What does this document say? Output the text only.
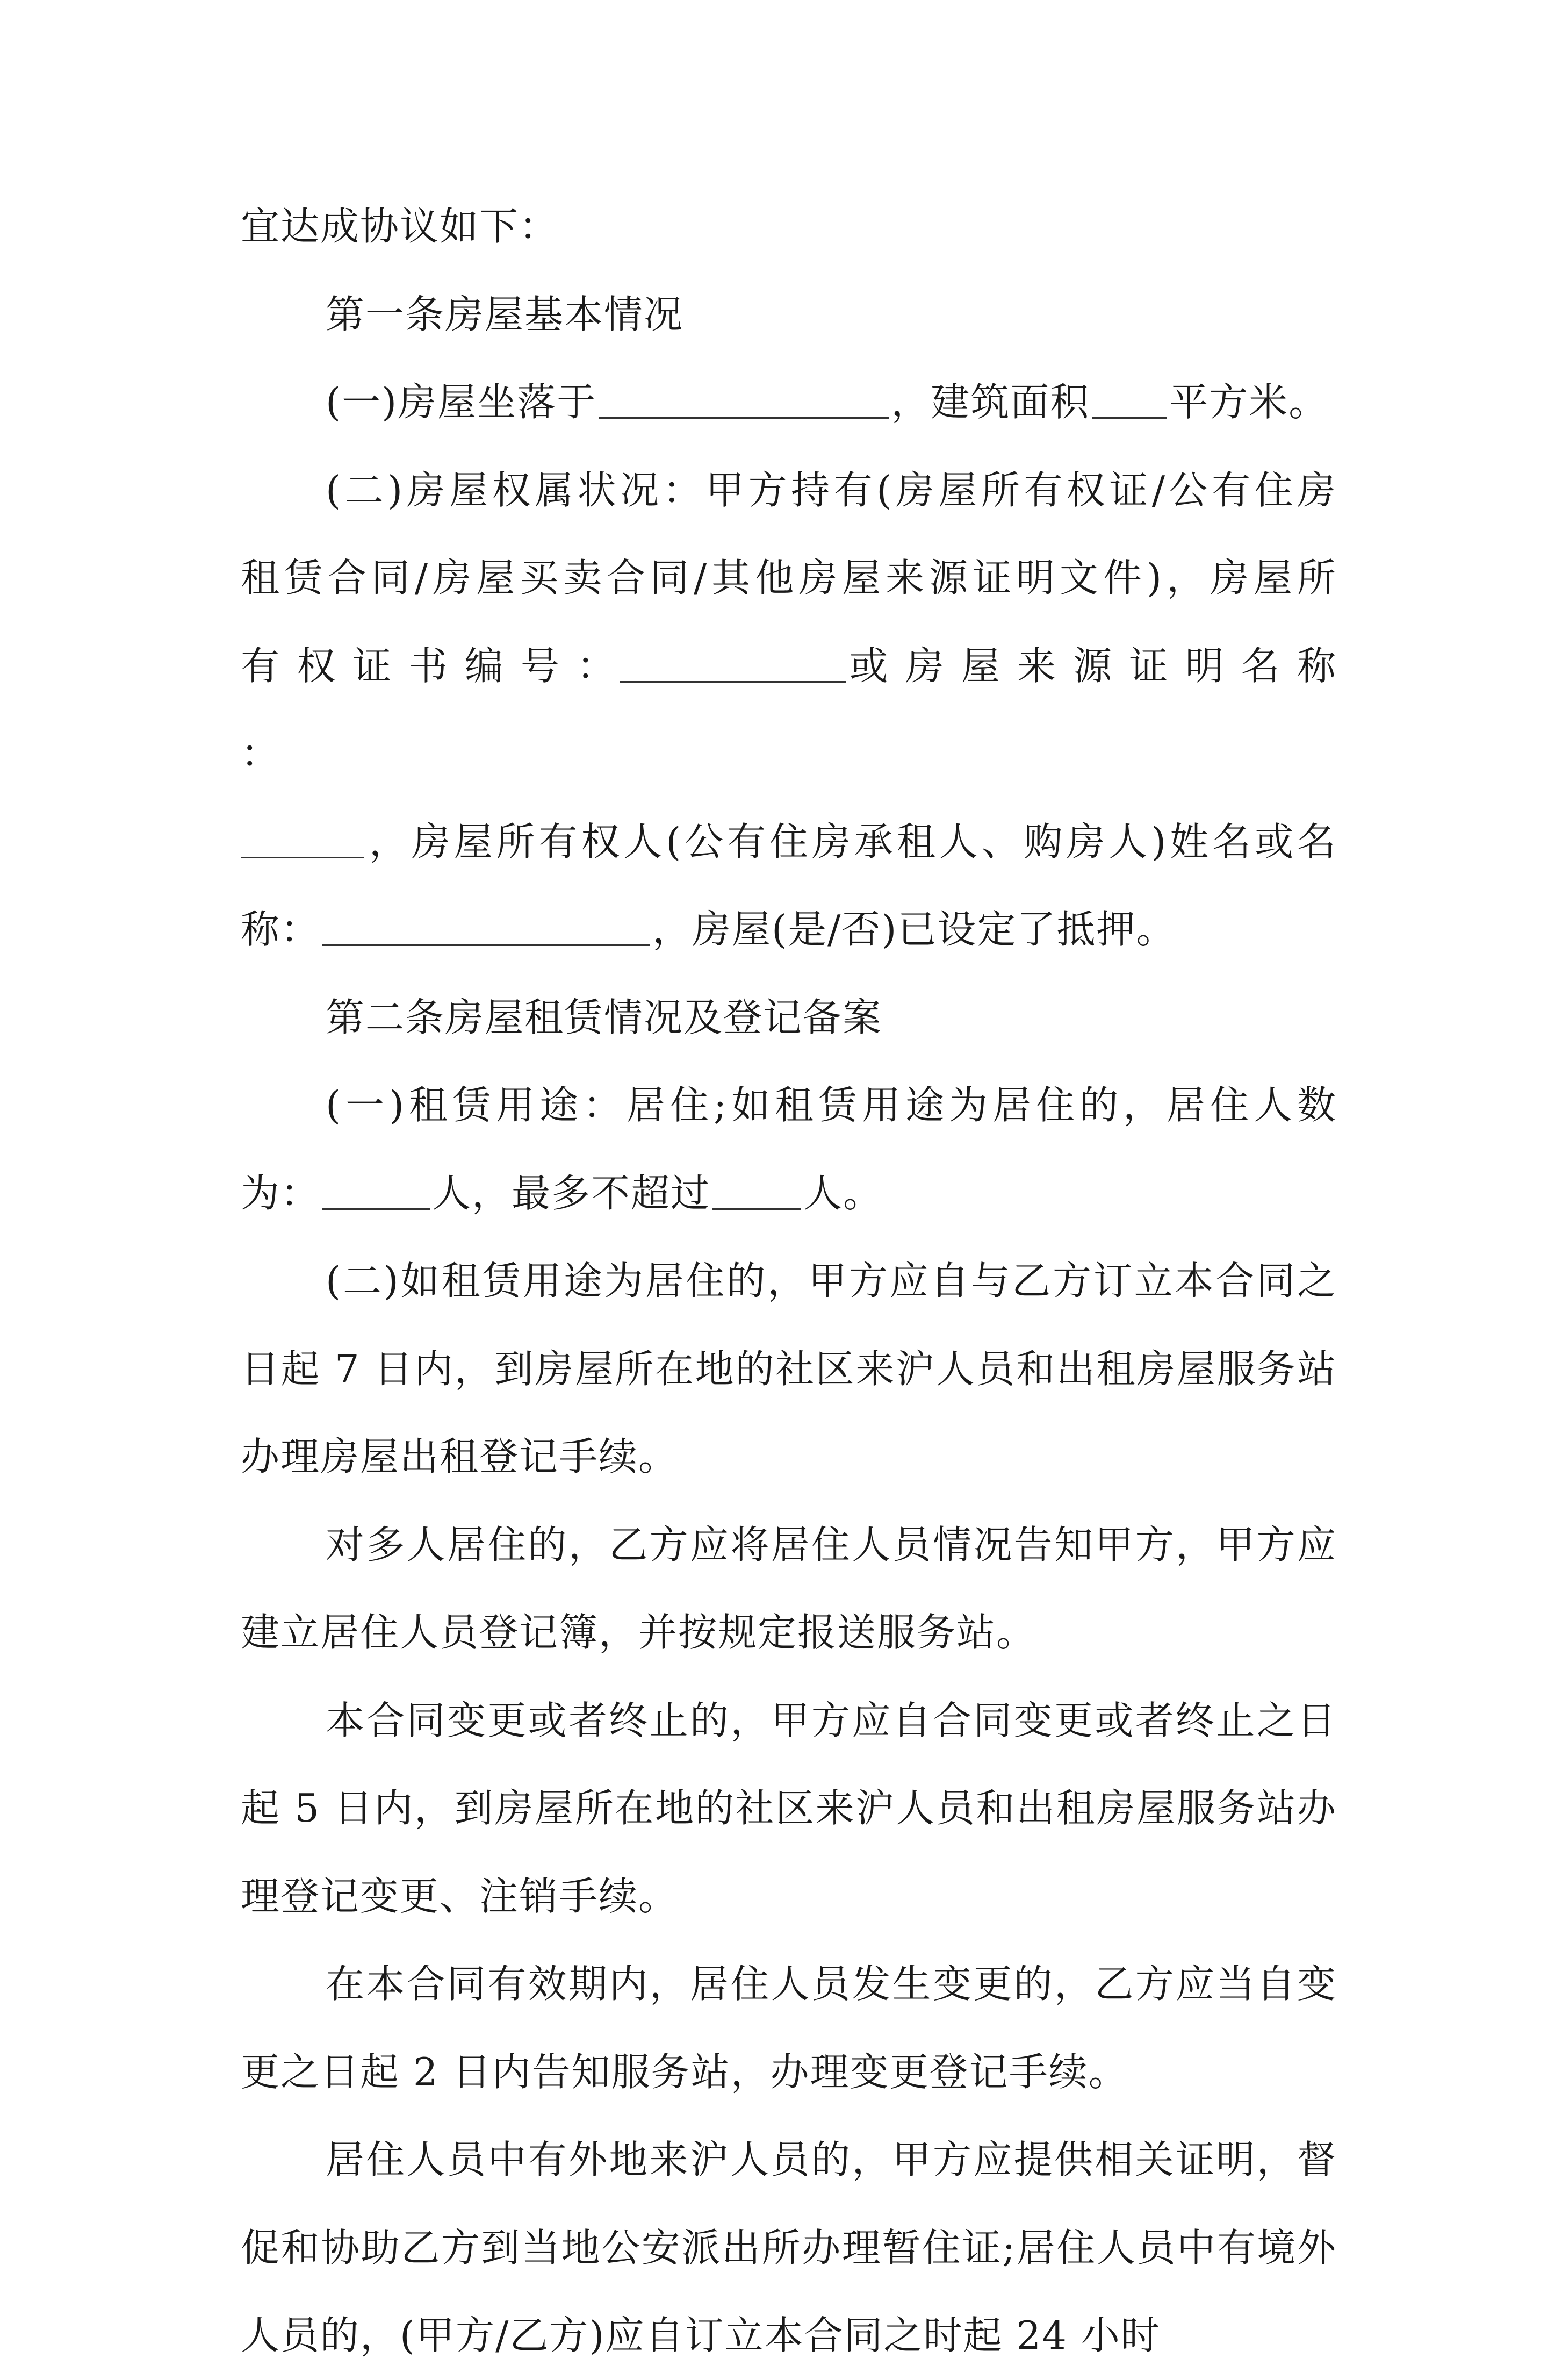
宜达成协议如下：

第一条房屋基本情况

(一)房屋坐落于	，建筑面积 平方米。

(二)房屋权属状况：甲方持有(房屋所有权证/公有住房

租赁合同/房屋买卖合同/其他房屋来源证明文件)，房屋所

有 权 证 书 编 号 ：	或 房 屋 来 源 证 明 名 称 ：

，房屋所有权人(公有住房承租人、购房人)姓名或名

称：	，房屋(是/否)已设定了抵押。

第二条房屋租赁情况及登记备案

(一)租赁用途：居住;如租赁用途为居住的，居住人数

为：	人，最多不超过 人。

(二)如租赁用途为居住的，甲方应自与乙方订立本合同之日起 7 日内，到房屋所在地的社区来沪人员和出租房屋服务站办理房屋出租登记手续。

对多人居住的，乙方应将居住人员情况告知甲方，甲方应建立居住人员登记簿，并按规定报送服务站。

本合同变更或者终止的，甲方应自合同变更或者终止之日起 5 日内，到房屋所在地的社区来沪人员和出租房屋服务站办理登记变更、注销手续。

在本合同有效期内，居住人员发生变更的，乙方应当自变更之日起 2 日内告知服务站，办理变更登记手续。

居住人员中有外地来沪人员的，甲方应提供相关证明，督促和协助乙方到当地公安派出所办理暂住证;居住人员中有境外人员的，(甲方/乙方)应自订立本合同之时起 24 小时
